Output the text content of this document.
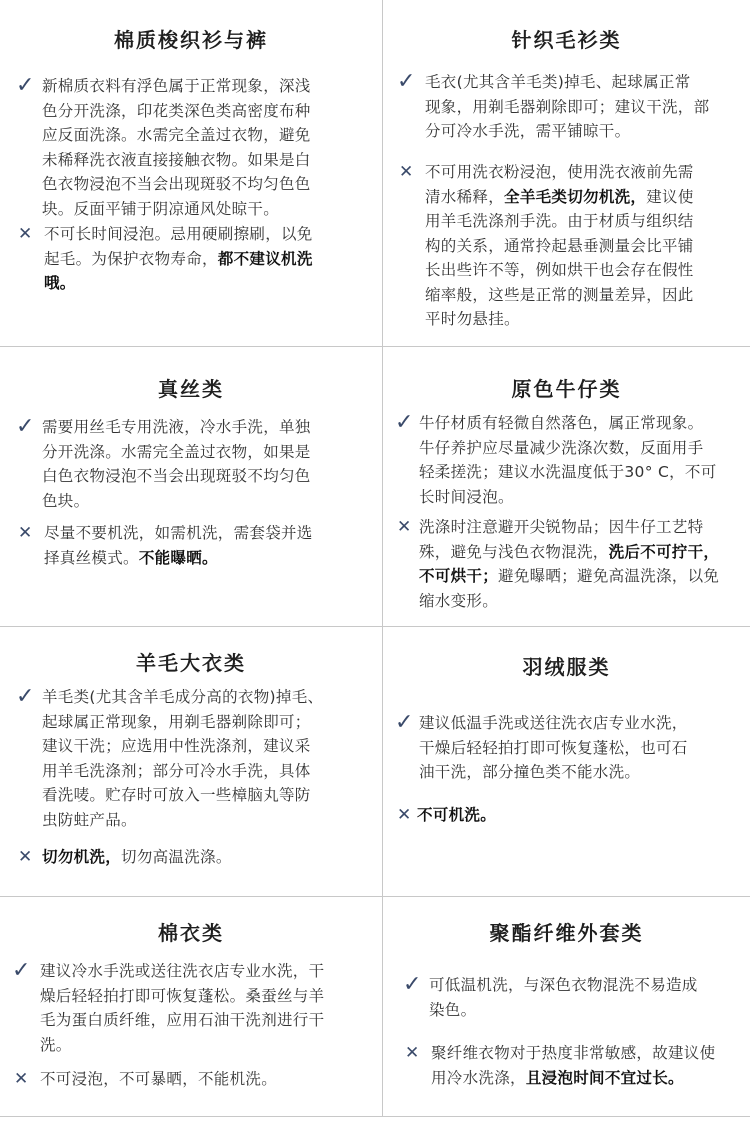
棉质梭织衫与裤
✓ 新棉质衣料有浮色属于正常现象，深浅
色分开洗涤，印花类深色类高密度布种
应反面洗涤。水需完全盖过衣物，避免
未稀释洗衣液直接接触衣物。如果是白
色衣物浸泡不当会出现斑驳不均匀色色
块。反面平铺于阴凉通风处晾干。
✕ 不可长时间浸泡。忌用硬刷擦刷，以免
起毛。为保护衣物寿命，都不建议机洗
哦。
针织毛衫类
✓ 毛衣(尤其含羊毛类)掉毛、起球属正常
现象，用剃毛器剃除即可；建议干洗，部
分可冷水手洗，需平铺晾干。
✕ 不可用洗衣粉浸泡，使用洗衣液前先需
清水稀释，全羊毛类切勿机洗，建议使
用羊毛洗涤剂手洗。由于材质与组织结
构的关系，通常拎起悬垂测量会比平铺
长出些许不等，例如烘干也会存在假性
缩率般，这些是正常的测量差异，因此
平时勿悬挂。
真丝类
✓ 需要用丝毛专用洗液，冷水手洗，单独
分开洗涤。水需完全盖过衣物，如果是
白色衣物浸泡不当会出现斑驳不均匀色
色块。
✕ 尽量不要机洗，如需机洗，需套袋并选
择真丝模式。不能曝晒。
原色牛仔类
✓ 牛仔材质有轻微自然落色，属正常现象。
牛仔养护应尽量减少洗涤次数，反面用手
轻柔搓洗；建议水洗温度低于30° C，不可
长时间浸泡。
✕ 洗涤时注意避开尖锐物品；因牛仔工艺特
殊，避免与浅色衣物混洗，洗后不可拧干，
不可烘干；避免曝晒；避免高温洗涤，以免
缩水变形。
羊毛大衣类
✓ 羊毛类(尤其含羊毛成分高的衣物)掉毛、
起球属正常现象，用剃毛器剃除即可；
建议干洗；应选用中性洗涤剂，建议采
用羊毛洗涤剂；部分可冷水手洗，具体
看洗唛。贮存时可放入一些樟脑丸等防
虫防蛀产品。
✕ 切勿机洗，切勿高温洗涤。
羽绒服类
✓ 建议低温手洗或送往洗衣店专业水洗，
干燥后轻轻拍打即可恢复蓬松，也可石
油干洗，部分撞色类不能水洗。
✕ 不可机洗。
棉衣类
✓ 建议冷水手洗或送往洗衣店专业水洗，干
燥后轻轻拍打即可恢复蓬松。桑蚕丝与羊
毛为蛋白质纤维，应用石油干洗剂进行干
洗。
✕ 不可浸泡，不可暴晒，不能机洗。
聚酯纤维外套类
✓ 可低温机洗，与深色衣物混洗不易造成
染色。
✕ 聚纤维衣物对于热度非常敏感，故建议使
用冷水洗涤，且浸泡时间不宜过长。
